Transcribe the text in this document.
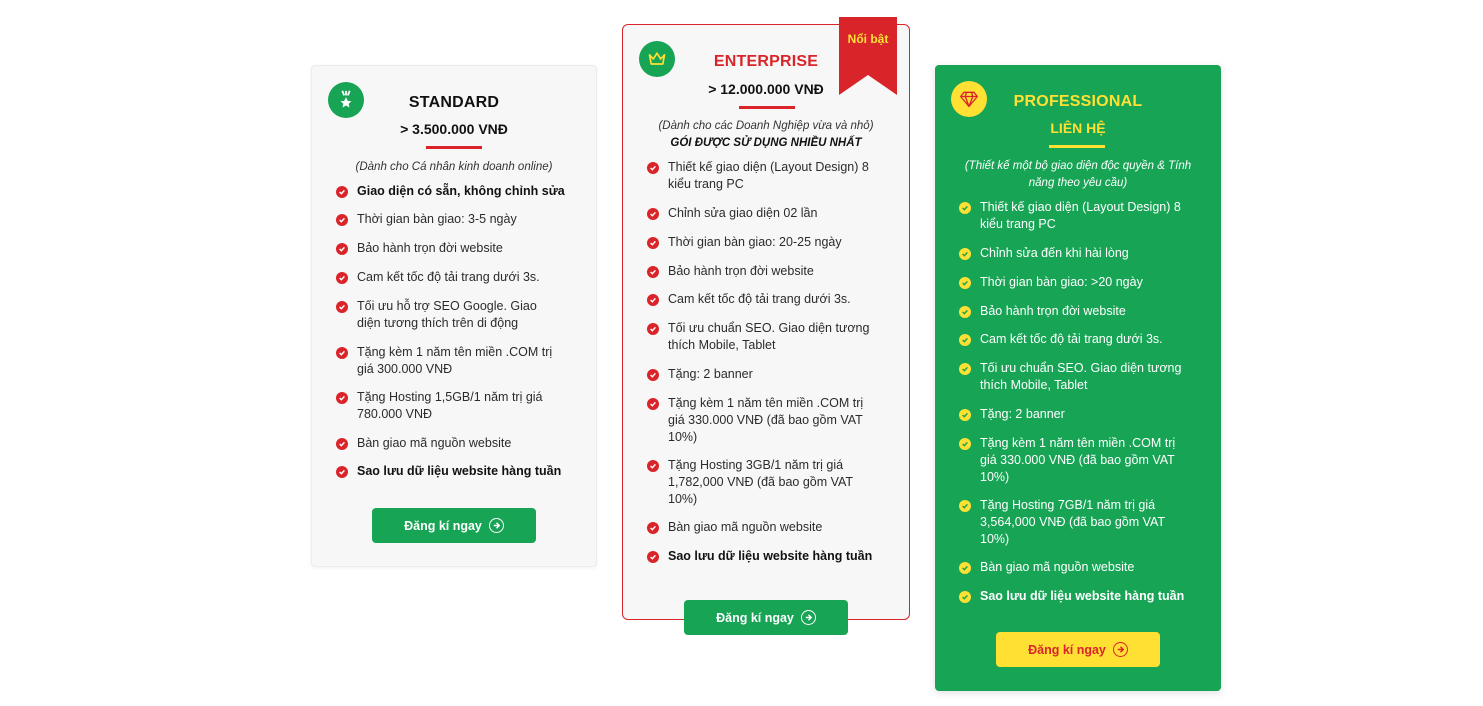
STANDARD
> 3.500.000 VNĐ
(Dành cho Cá nhân kinh doanh online)
Giao diện có sẵn, không chỉnh sửa
Thời gian bàn giao: 3-5 ngày
Bảo hành trọn đời website
Cam kết tốc độ tải trang dưới 3s.
Tối ưu hỗ trợ SEO Google. Giao diện tương thích trên di động
Tặng kèm 1 năm tên miền .COM trị giá 300.000 VNĐ
Tặng Hosting 1,5GB/1 năm trị giá 780.000 VNĐ
Bàn giao mã nguồn website
Sao lưu dữ liệu website hàng tuần
Đăng kí ngay
ENTERPRISE
> 12.000.000 VNĐ
(Dành cho các Doanh Nghiệp vừa và nhỏ)
GÓI ĐƯỢC SỬ DỤNG NHIỀU NHẤT
Thiết kế giao diện (Layout Design) 8 kiểu trang PC
Chỉnh sửa giao diện 02 lần
Thời gian bàn giao: 20-25 ngày
Bảo hành trọn đời website
Cam kết tốc độ tải trang dưới 3s.
Tối ưu chuẩn SEO. Giao diện tương thích Mobile, Tablet
Tặng: 2 banner
Tặng kèm 1 năm tên miền .COM trị giá 330.000 VNĐ (đã bao gồm VAT 10%)
Tặng Hosting 3GB/1 năm trị giá 1,782,000 VNĐ (đã bao gồm VAT 10%)
Bàn giao mã nguồn website
Sao lưu dữ liệu website hàng tuần
Đăng kí ngay
Nổi bật
PROFESSIONAL
LIÊN HỆ
(Thiết kế một bộ giao diện độc quyền & Tính năng theo yêu cầu)
Thiết kế giao diện (Layout Design) 8 kiểu trang PC
Chỉnh sửa đến khi hài lòng
Thời gian bàn giao: >20 ngày
Bảo hành trọn đời website
Cam kết tốc độ tải trang dưới 3s.
Tối ưu chuẩn SEO. Giao diện tương thích Mobile, Tablet
Tặng: 2 banner
Tặng kèm 1 năm tên miền .COM trị giá 330.000 VNĐ (đã bao gồm VAT 10%)
Tặng Hosting 7GB/1 năm trị giá 3,564,000 VNĐ (đã bao gồm VAT 10%)
Bàn giao mã nguồn website
Sao lưu dữ liệu website hàng tuần
Đăng kí ngay
